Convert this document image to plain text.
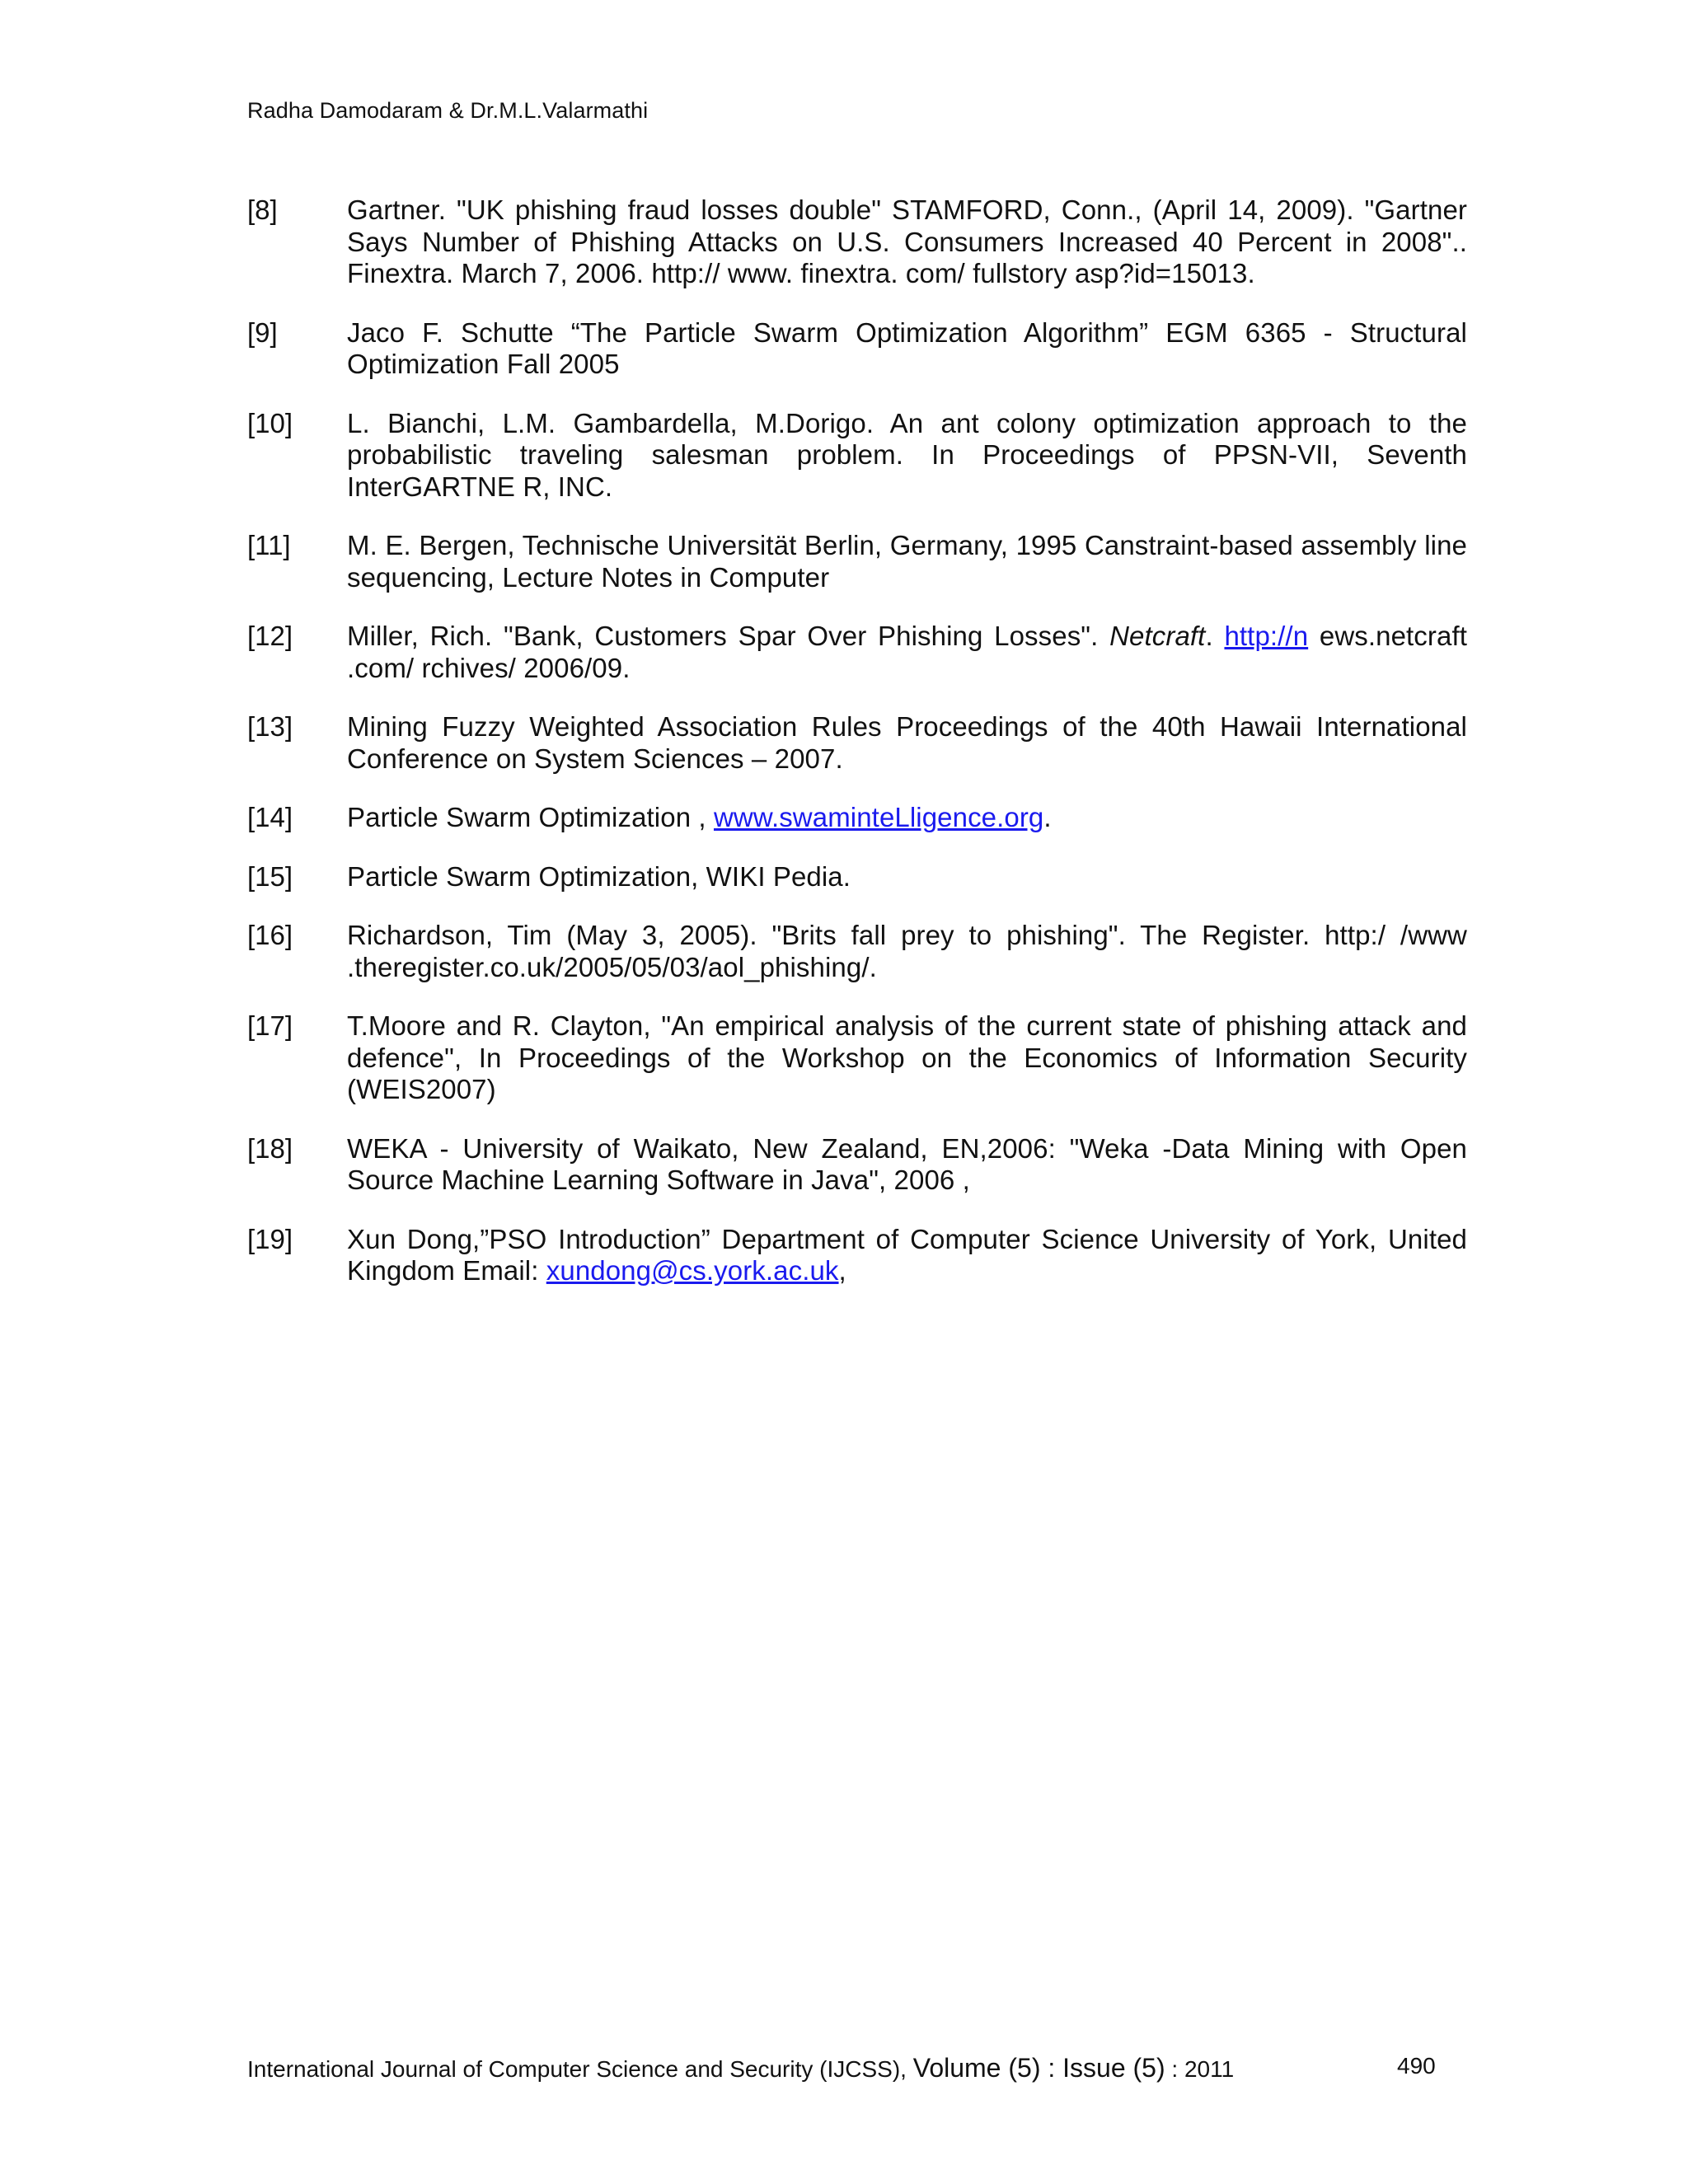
Radha Damodaram & Dr.M.L.Valarmathi
[8]	Gartner. "UK phishing fraud losses double" STAMFORD, Conn., (April 14, 2009). "Gartner Says Number of Phishing Attacks on U.S. Consumers Increased 40 Percent in 2008".. Finextra. March 7, 2006. http:// www. finextra. com/ fullstory asp?id=15013.
[9]	Jaco F. Schutte “The Particle Swarm Optimization Algorithm” EGM 6365 - Structural Optimization Fall 2005
[10]	L. Bianchi, L.M. Gambardella, M.Dorigo. An ant colony optimization approach to the probabilistic traveling salesman problem. In Proceedings of PPSN-VII, Seventh InterGARTNE R, INC.
[11]	M. E. Bergen, Technische Universität Berlin, Germany, 1995 Canstraint-based assembly line sequencing, Lecture Notes in Computer
[12]	Miller, Rich. "Bank, Customers Spar Over Phishing Losses". Netcraft. http://n ews.netcraft .com/ rchives/ 2006/09.
[13]	Mining Fuzzy Weighted Association Rules Proceedings of the 40th Hawaii International Conference on System Sciences – 2007.
[14]	Particle Swarm Optimization , www.swaminteLligence.org.
[15]	Particle Swarm Optimization, WIKI Pedia.
[16]	Richardson, Tim (May 3, 2005). "Brits fall prey to phishing". The Register. http:/ /www .theregister.co.uk/2005/05/03/aol_phishing/.
[17]	T.Moore and R. Clayton, "An empirical analysis of the current state of phishing attack and defence", In Proceedings of the Workshop on the Economics of Information Security (WEIS2007)
[18]	WEKA - University of Waikato, New Zealand, EN,2006: "Weka -Data Mining with Open Source Machine Learning Software in Java", 2006 ,
[19]	Xun Dong,”PSO Introduction” Department of Computer Science University of York, United Kingdom Email: xundong@cs.york.ac.uk,
International Journal of Computer Science and Security (IJCSS), Volume (5) : Issue (5) : 2011	490
